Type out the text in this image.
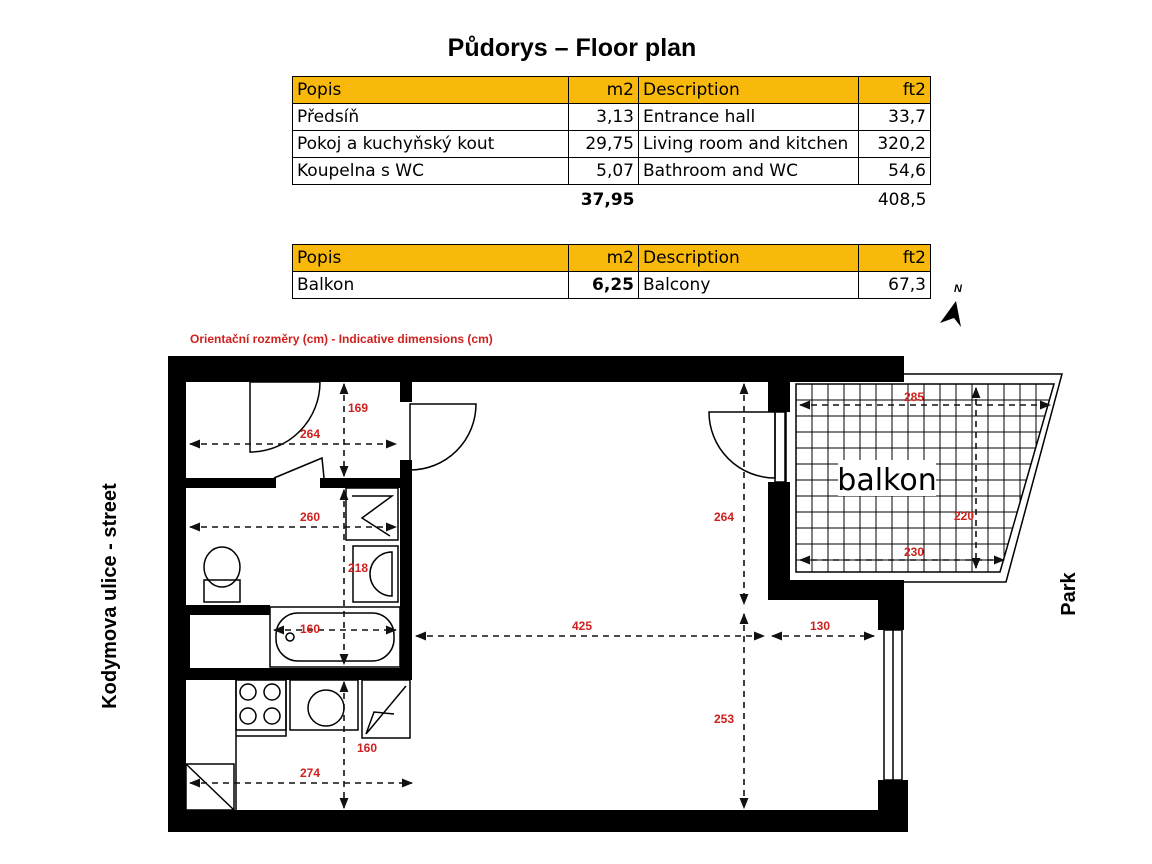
Půdorys – Floor plan
Popis	m2	Description	ft2
Předsíň	3,13	Entrance hall	33,7
Pokoj a kuchyňský kout	29,75	Living room and kitchen	320,2
Koupelna s WC	5,07	Bathroom and WC	54,6
	37,95		408,5
Popis	m2	Description	ft2
Balkon	6,25	Balcony	67,3
Orientační rozměry (cm) - Indicative dimensions (cm)
N
Kodymova ulice - street	Park
balkon
169
264
260
218
160
264
425	130
253
160
274
285
220
230
